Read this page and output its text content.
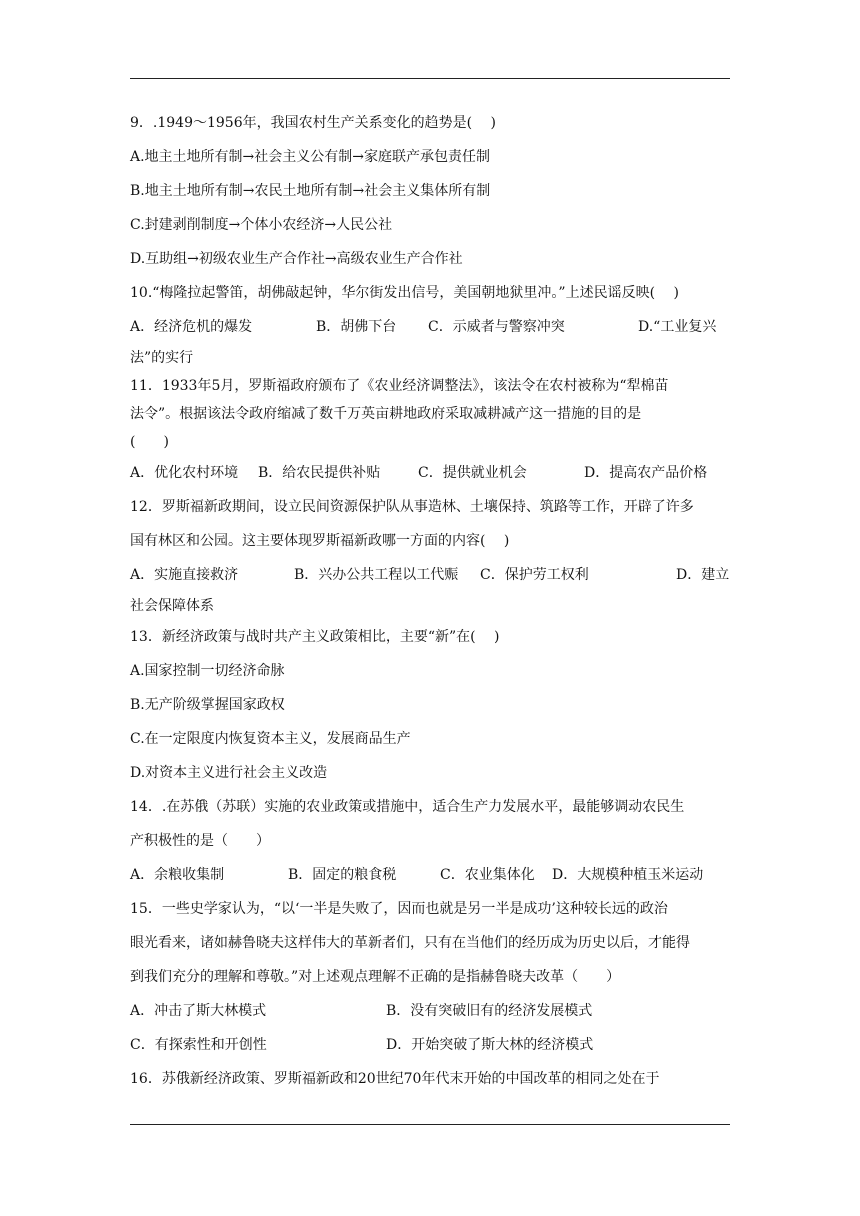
9．.1949～1956年，我国农村生产关系变化的趋势是(　 )
A.地主土地所有制→社会主义公有制→家庭联产承包责任制
B.地主土地所有制→农民土地所有制→社会主义集体所有制
C.封建剥削制度→个体小农经济→人民公社
D.互助组→初级农业生产合作社→高级农业生产合作社
10.“梅隆拉起警笛，胡佛敲起钟，华尔街发出信号，美国朝地狱里冲。”上述民谣反映(　 )
A．经济危机的爆发	B．胡佛下台	C．示威者与警察冲突	D.“工业复兴
法”的实行
11．1933年5月，罗斯福政府颁布了《农业经济调整法》，该法令在农村被称为“犁棉苗
法令”。根据该法令政府缩减了数千万英亩耕地政府采取减耕减产这一措施的目的是
(　　)
A．优化农村环境	B．给农民提供补贴	C．提供就业机会	D．提高农产品价格
12．罗斯福新政期间，设立民间资源保护队从事造林、土壤保持、筑路等工作，开辟了许多
国有林区和公园。这主要体现罗斯福新政哪一方面的内容(　 )
A．实施直接救济	B．兴办公共工程以工代赈	C．保护劳工权利	D．建立
社会保障体系
13．新经济政策与战时共产主义政策相比，主要“新”在(　 )
A.国家控制一切经济命脉
B.无产阶级掌握国家政权
C.在一定限度内恢复资本主义，发展商品生产
D.对资本主义进行社会主义改造
14．.在苏俄（苏联）实施的农业政策或措施中，适合生产力发展水平，最能够调动农民生
产积极性的是（　　）
A．余粮收集制	B．固定的粮食税	C．农业集体化	D．大规模种植玉米运动
15．一些史学家认为，“以‘一半是失败了，因而也就是另一半是成功’这种较长远的政治
眼光看来，诸如赫鲁晓夫这样伟大的革新者们，只有在当他们的经历成为历史以后，才能得
到我们充分的理解和尊敬。”对上述观点理解不正确的是指赫鲁晓夫改革（　　）
A．冲击了斯大林模式	B．没有突破旧有的经济发展模式
C．有探索性和开创性	D．开始突破了斯大林的经济模式
16．苏俄新经济政策、罗斯福新政和20世纪70年代末开始的中国改革的相同之处在于
